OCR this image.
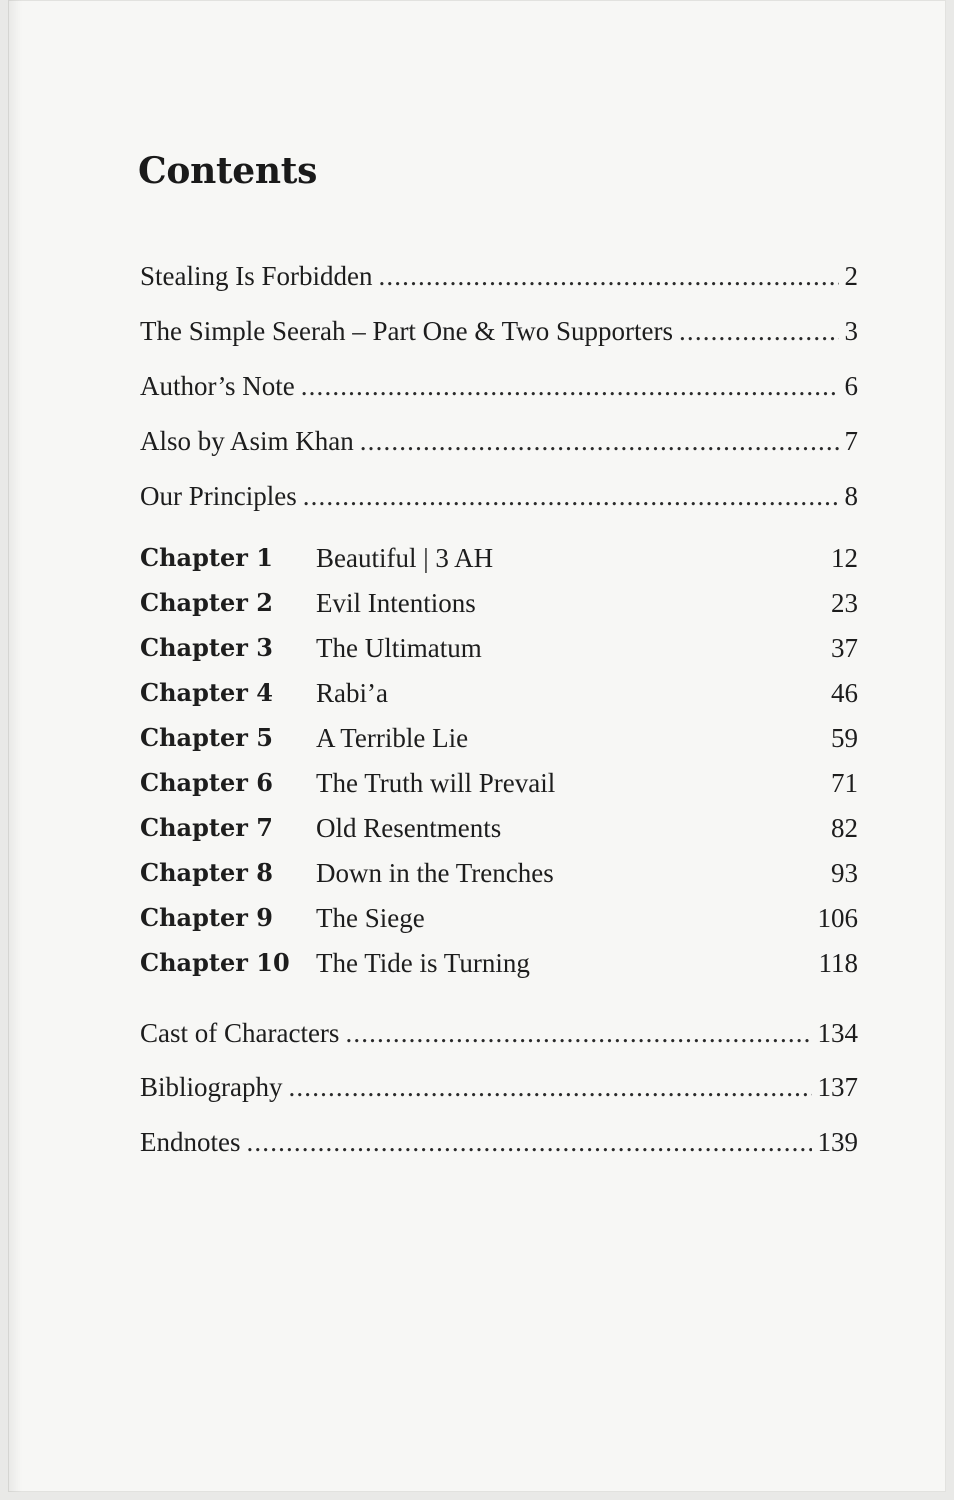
Contents
Stealing Is Forbidden . . .	2
The Simple Seerah – Part One & Two Supporters . . .	3
Author’s Note . . .	6
Also by Asim Khan . . .	7
Our Principles . . .	8
Chapter 1 Beautiful | 3 AH	12
Chapter 2 Evil Intentions	23
Chapter 3 The Ultimatum	37
Chapter 4 Rabi’a	46
Chapter 5 A Terrible Lie	59
Chapter 6 The Truth will Prevail	71
Chapter 7 Old Resentments	82
Chapter 8 Down in the Trenches	93
Chapter 9 The Siege	106
Chapter 10 The Tide is Turning	118
Cast of Characters . . .	134
Bibliography . . .	137
Endnotes . . .	139
